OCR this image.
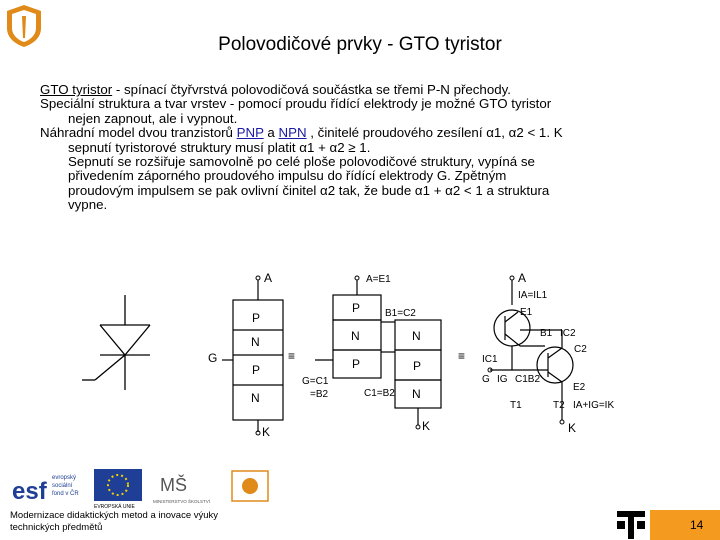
Polovodičové prvky - GTO tyristor

GTO tyristor - spínací čtyřvrstvá polovodičová součástka se třemi P-N přechody.

Speciální struktura a tvar vrstev - pomocí proudu řídící elektrody je možné GTO tyristor

nejen zapnout, ale i vypnout.

Náhradní model dvou tranzistorů PNP a NPN , činitelé proudového zesílení α1, α2 < 1. K

sepnutí tyristorové struktury musí platit α1 + α2 ≥ 1.

Sepnutí se rozšiřuje samovolně po celé ploše polovodičové struktury, vypíná se

přivedením záporného proudového impulsu do řídící elektrody G. Zpětným

proudovým impulsem se pak ovlivní činitel α2 tak, že bude α1 + α2 < 1 a struktura

vypne.

A
P
N
P
N
G
K
≡
A=E1
P
N
P
B1=C2
N
P
N
G=C1
=B2	C1=B2
K
≡
A
IA=IL1
E1
B1 IC2
C2
IC1
G IG C1B2
E2
T1	T2 IA+IG=IK
K
esf evropský
sociální
fond v ČR
EVROPSKÁ UNIE
MŠ
MINISTERSTVO ŠKOLSTVÍ
Modernizace didaktických metod a inovace výuky
technických předmětů	14
